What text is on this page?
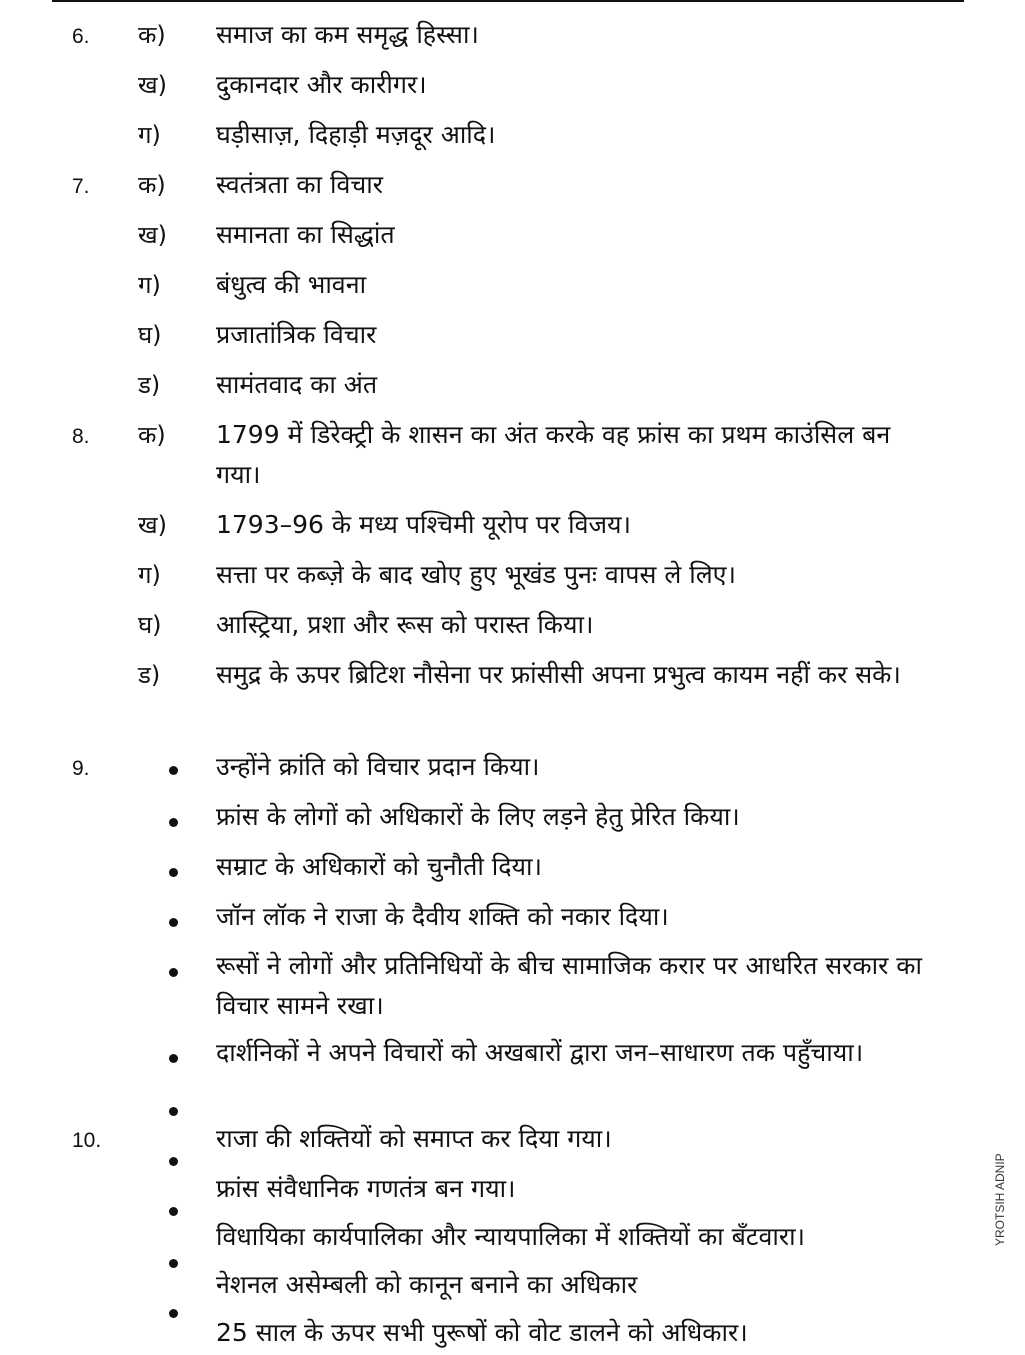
6. क) समाज का कम समृद्ध हिस्सा।
ख) दुकानदार और कारीगर।
ग) घड़ीसाज़, दिहाड़ी मज़दूर आदि।
7. क) स्वतंत्रता का विचार
ख) समानता का सिद्धांत
ग) बंधुत्व की भावना
घ) प्रजातांत्रिक विचार
ड) सामंतवाद का अंत
8. क) 1799 में डिरेक्ट्री के शासन का अंत करके वह फ्रांस का प्रथम काउंसिल बन गया।
ख) 1793–96 के मध्य पश्चिमी यूरोप पर विजय।
ग) सत्ता पर कब्ज़े के बाद खोए हुए भूखंड पुनः वापस ले लिए।
घ) आस्ट्रिया, प्रशा और रूस को परास्त किया।
ड) समुद्र के ऊपर ब्रिटिश नौसेना पर फ्रांसीसी अपना प्रभुत्व कायम नहीं कर सके।
9.	उन्होंने क्रांति को विचार प्रदान किया।
फ्रांस के लोगों को अधिकारों के लिए लड़ने हेतु प्रेरित किया।
सम्राट के अधिकारों को चुनौती दिया।
जॉन लॉक ने राजा के दैवीय शक्ति को नकार दिया।
रूसों ने लोगों और प्रतिनिधियों के बीच सामाजिक करार पर आधरित सरकार का विचार सामने रखा।
दार्शनिकों ने अपने विचारों को अखबारों द्वारा जन–साधारण तक पहुँचाया।
10.	राजा की शक्तियों को समाप्त कर दिया गया।
फ्रांस संवैधानिक गणतंत्र बन गया।
विधायिका कार्यपालिका और न्यायपालिका में शक्तियों का बँटवारा।
नेशनल असेम्बली को कानून बनाने का अधिकार
25 साल के ऊपर सभी पुरूषों को वोट डालने को अधिकार।
YROTSIH ADNIP
